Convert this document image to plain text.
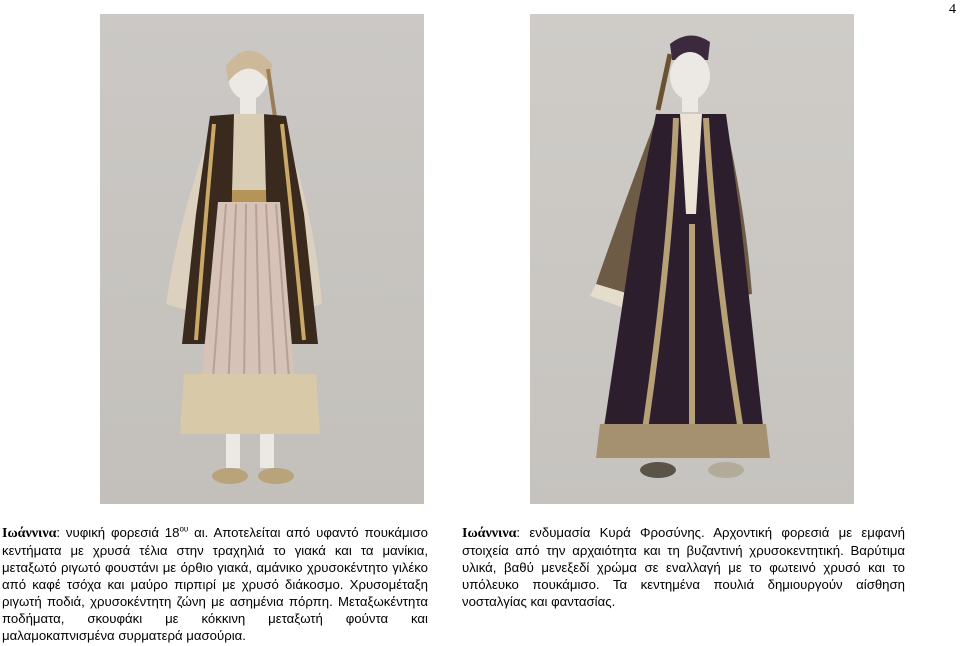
4

Ιωάννινα: νυφική φορεσιά $18^{o\upsilon}$ αι. Αποτελείται από υφαντό πουκάμισο κεντήματα με χρυσά τέλια στην τραχηλιά το γιακά και τα μανίκια, μεταξωτό ριγωτό φουστάνι με όρθιο γιακά, αμάνικο χρυσοκέντητο γιλέκο από καφέ τσόχα και μαύρο πιρπιρί με χρυσό διάκοσμο. Χρυσομέταξη ριγωτή ποδιά, χρυσοκέντητη ζώνη με ασημένια πόρπη. Μεταξωκέντητα ποδήματα, σκουφάκι με κόκκινη μεταξωτή φούντα και μαλαμοκαπνισμένα συρματερά μασούρια.

Ιωάννινα: ενδυμασία Κυρά Φροσύνης. Αρχοντική φορεσιά με εμφανή στοιχεία από την αρχαιότητα και τη βυζαντινή χρυσοκεντητική. Βαρύτιμα υλικά, βαθύ μενεξεδί χρώμα σε εναλλαγή με το φωτεινό χρυσό και το υπόλευκο πουκάμισο. Τα κεντημένα πουλιά δημιουργούν αίσθηση νοσταλγίας και φαντασίας.
